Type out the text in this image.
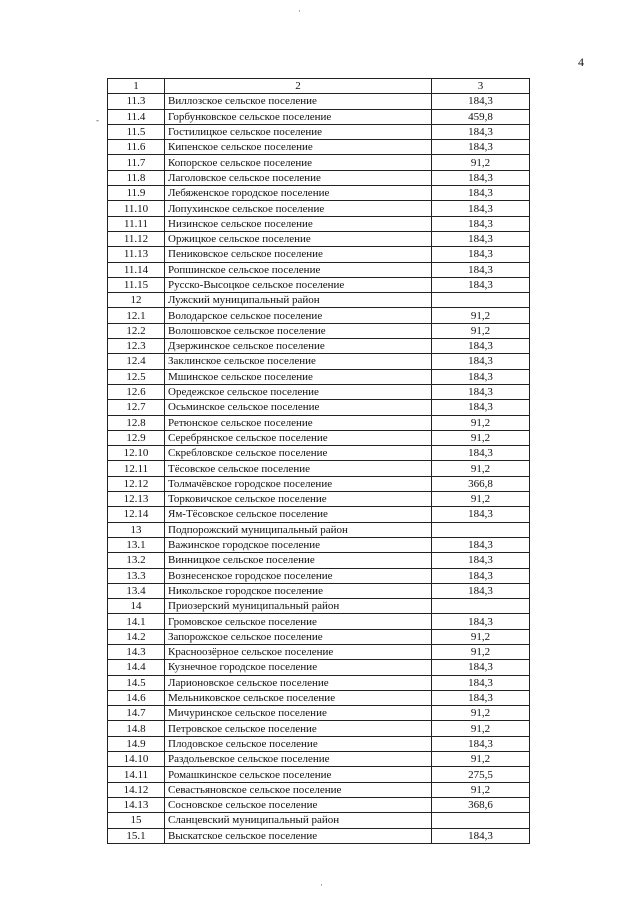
4
·
-
·
1	2	3
11.3	Виллозское сельское поселение	184,3
11.4	Горбунковское сельское поселение	459,8
11.5	Гостилицкое сельское поселение	184,3
11.6	Кипенское сельское поселение	184,3
11.7	Копорское сельское поселение	91,2
11.8	Лаголовское сельское поселение	184,3
11.9	Лебяженское городское поселение	184,3
11.10	Лопухинское сельское поселение	184,3
11.11	Низинское сельское поселение	184,3
11.12	Оржицкое сельское поселение	184,3
11.13	Пениковское сельское поселение	184,3
11.14	Ропшинское сельское поселение	184,3
11.15	Русско-Высоцкое сельское поселение	184,3
12	Лужский муниципальный район	
12.1	Володарское сельское поселение	91,2
12.2	Волошовское сельское поселение	91,2
12.3	Дзержинское сельское поселение	184,3
12.4	Заклинское сельское поселение	184,3
12.5	Мшинское сельское поселение	184,3
12.6	Оредежское сельское поселение	184,3
12.7	Осьминское сельское поселение	184,3
12.8	Ретюнское сельское поселение	91,2
12.9	Серебрянское сельское поселение	91,2
12.10	Скребловское сельское поселение	184,3
12.11	Тёсовское сельское поселение	91,2
12.12	Толмачёвское городское поселение	366,8
12.13	Торковичское сельское поселение	91,2
12.14	Ям-Тёсовское сельское поселение	184,3
13	Подпорожский муниципальный район	
13.1	Важинское городское поселение	184,3
13.2	Винницкое сельское поселение	184,3
13.3	Вознесенское городское поселение	184,3
13.4	Никольское городское поселение	184,3
14	Приозерский муниципальный район	
14.1	Громовское сельское поселение	184,3
14.2	Запорожское сельское поселение	91,2
14.3	Красноозёрное сельское поселение	91,2
14.4	Кузнечное городское поселение	184,3
14.5	Ларионовское сельское поселение	184,3
14.6	Мельниковское сельское поселение	184,3
14.7	Мичуринское сельское поселение	91,2
14.8	Петровское сельское поселение	91,2
14.9	Плодовское сельское поселение	184,3
14.10	Раздольевское сельское поселение	91,2
14.11	Ромашкинское сельское поселение	275,5
14.12	Севастьяновское сельское поселение	91,2
14.13	Сосновское сельское поселение	368,6
15	Сланцевский муниципальный район	
15.1	Выскатское сельское поселение	184,3
